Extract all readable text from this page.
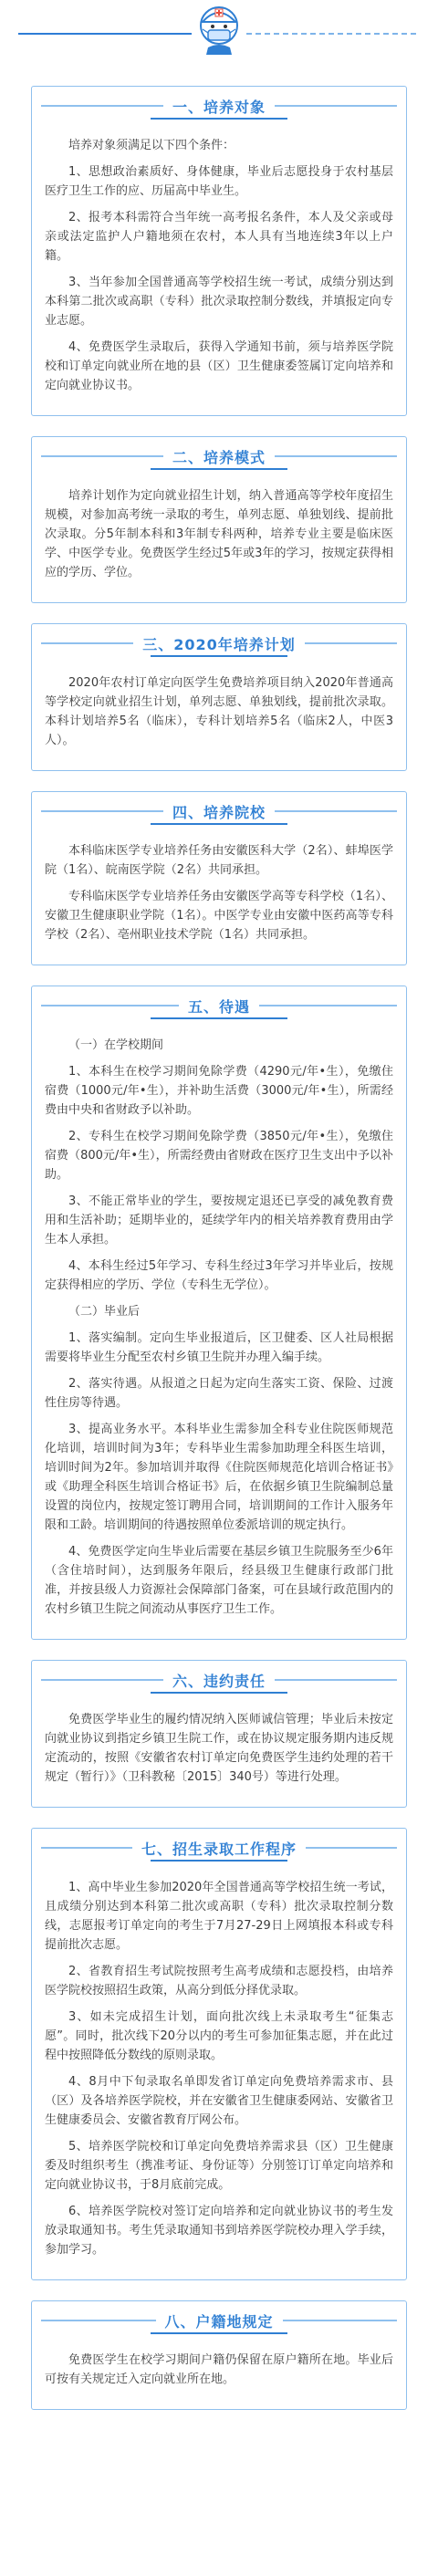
一、培养对象

培养对象须满足以下四个条件：

1、思想政治素质好、身体健康，毕业后志愿投身于农村基层医疗卫生工作的应、历届高中毕业生。

2、报考本科需符合当年统一高考报名条件，本人及父亲或母亲或法定监护人户籍地须在农村，本人具有当地连续3年以上户籍。

3、当年参加全国普通高等学校招生统一考试，成绩分别达到本科第二批次或高职（专科）批次录取控制分数线，并填报定向专业志愿。

4、免费医学生录取后，获得入学通知书前，须与培养医学院校和订单定向就业所在地的县（区）卫生健康委签属订定向培养和定向就业协议书。

二、培养模式

培养计划作为定向就业招生计划，纳入普通高等学校年度招生规模，对参加高考统一录取的考生，单列志愿、单独划线、提前批次录取。分5年制本科和3年制专科两种，培养专业主要是临床医学、中医学专业。免费医学生经过5年或3年的学习，按规定获得相应的学历、学位。

三、2020年培养计划

2020年农村订单定向医学生免费培养项目纳入2020年普通高等学校定向就业招生计划，单列志愿、单独划线，提前批次录取。本科计划培养5名（临床），专科计划培养5名（临床2人，中医3人）。

四、培养院校

本科临床医学专业培养任务由安徽医科大学（2名）、蚌埠医学院（1名）、皖南医学院（2名）共同承担。

专科临床医学专业培养任务由安徽医学高等专科学校（1名）、安徽卫生健康职业学院（1名）。中医学专业由安徽中医药高等专科学校（2名）、亳州职业技术学院（1名）共同承担。

五、待遇

（一）在学校期间

1、本科生在校学习期间免除学费（4290元/年•生），免缴住宿费（1000元/年•生），并补助生活费（3000元/年•生），所需经费由中央和省财政予以补助。

2、专科生在校学习期间免除学费（3850元/年•生），免缴住宿费（800元/年•生），所需经费由省财政在医疗卫生支出中予以补助。

3、不能正常毕业的学生，要按规定退还已享受的减免教育费用和生活补助；延期毕业的，延续学年内的相关培养教育费用由学生本人承担。

4、本科生经过5年学习、专科生经过3年学习并毕业后，按规定获得相应的学历、学位（专科生无学位）。

（二）毕业后

1、落实编制。定向生毕业报道后，区卫健委、区人社局根据需要将毕业生分配至农村乡镇卫生院并办理入编手续。

2、落实待遇。从报道之日起为定向生落实工资、保险、过渡性住房等待遇。

3、提高业务水平。本科毕业生需参加全科专业住院医师规范化培训，培训时间为3年；专科毕业生需参加助理全科医生培训，培训时间为2年。参加培训并取得《住院医师规范化培训合格证书》或《助理全科医生培训合格证书》后，在依据乡镇卫生院编制总量设置的岗位内，按规定签订聘用合同，培训期间的工作计入服务年限和工龄。培训期间的待遇按照单位委派培训的规定执行。

4、免费医学定向生毕业后需要在基层乡镇卫生院服务至少6年（含住培时间），达到服务年限后，经县级卫生健康行政部门批准，并按县级人力资源社会保障部门备案，可在县域行政范围内的农村乡镇卫生院之间流动从事医疗卫生工作。

六、违约责任

免费医学毕业生的履约情况纳入医师诚信管理；毕业后未按定向就业协议到指定乡镇卫生院工作，或在协议规定服务期内违反规定流动的，按照《安徽省农村订单定向免费医学生违约处理的若干规定（暂行）》（卫科教秘〔2015〕340号）等进行处理。

七、招生录取工作程序

1、高中毕业生参加2020年全国普通高等学校招生统一考试，且成绩分别达到本科第二批次或高职（专科）批次录取控制分数线，志愿报考订单定向的考生于7月27-29日上网填报本科或专科提前批次志愿。

2、省教育招生考试院按照考生高考成绩和志愿投档，由培养医学院校按照招生政策，从高分到低分择优录取。

3、如未完成招生计划，面向批次线上未录取考生“征集志愿”。同时，批次线下20分以内的考生可参加征集志愿，并在此过程中按照降低分数线的原则录取。

4、8月中下旬录取名单即发省订单定向免费培养需求市、县（区）及各培养医学院校，并在安徽省卫生健康委网站、安徽省卫生健康委员会、安徽省教育厅网公布。

5、培养医学院校和订单定向免费培养需求县（区）卫生健康委及时组织考生（携准考证、身份证等）分别签订订单定向培养和定向就业协议书，于8月底前完成。

6、培养医学院校对签订定向培养和定向就业协议书的考生发放录取通知书。考生凭录取通知书到培养医学院校办理入学手续，参加学习。

八、户籍地规定

免费医学生在校学习期间户籍仍保留在原户籍所在地。毕业后可按有关规定迁入定向就业所在地。
